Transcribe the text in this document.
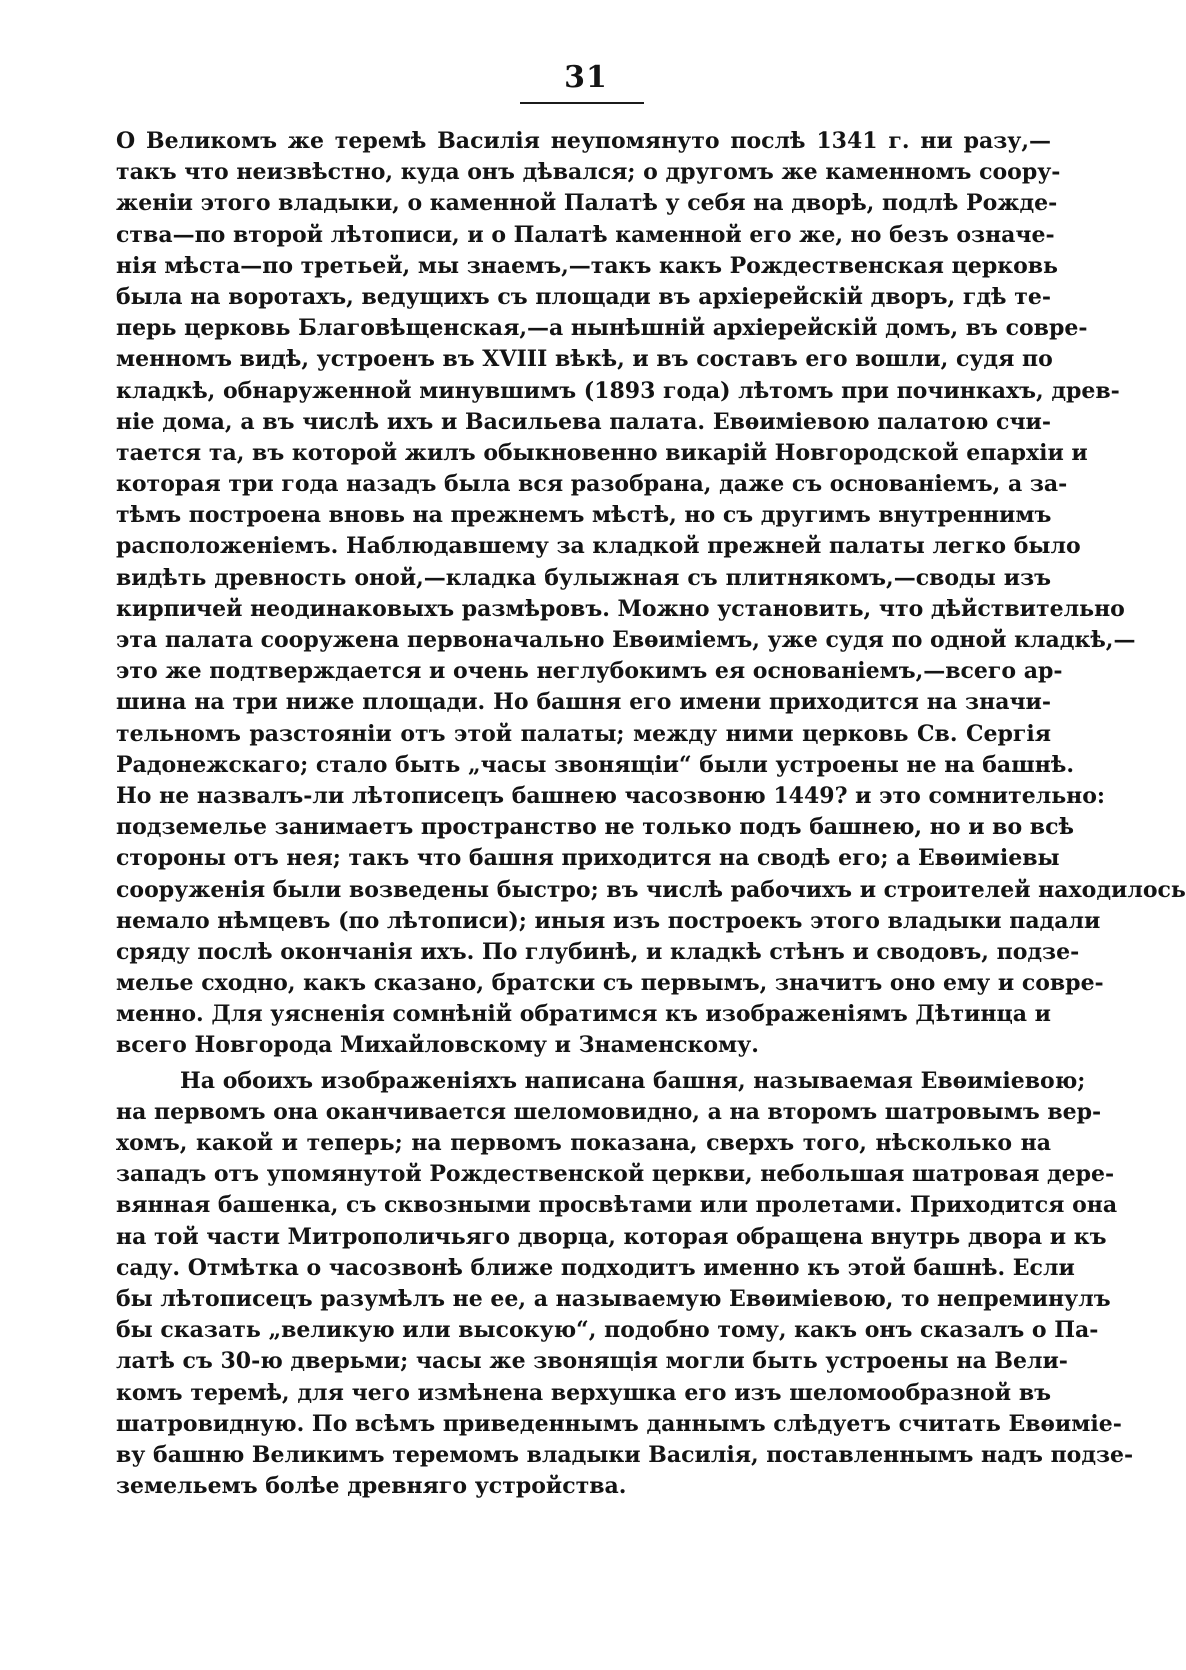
31
О Великомъ же теремѣ Василія неупомянуто послѣ 1341 г. ни разу,—
такъ что неизвѣстно, куда онъ дѣвался; о другомъ же каменномъ соору-
женіи этого владыки, о каменной Палатѣ у себя на дворѣ, подлѣ Рожде-
ства—по второй лѣтописи, и о Палатѣ каменной его же, но безъ означе-
нія мѣста—по третьей, мы знаемъ,—такъ какъ Рождественская церковь
была на воротахъ, ведущихъ съ площади въ архіерейскій дворъ, гдѣ те-
перь церковь Благовѣщенская,—а нынѣшній архіерейскій домъ, въ совре-
менномъ видѣ, устроенъ въ XVIII вѣкѣ, и въ составъ его вошли, судя по
кладкѣ, обнаруженной минувшимъ (1893 года) лѣтомъ при починкахъ, древ-
ніе дома, а въ числѣ ихъ и Васильева палата. Евѳиміевою палатою счи-
тается та, въ которой жилъ обыкновенно викарій Новгородской епархіи и
которая три года назадъ была вся разобрана, даже съ основаніемъ, а за-
тѣмъ построена вновь на прежнемъ мѣстѣ, но съ другимъ внутреннимъ
расположеніемъ. Наблюдавшему за кладкой прежней палаты легко было
видѣть древность оной,—кладка булыжная съ плитнякомъ,—своды изъ
кирпичей неодинаковыхъ размѣровъ. Можно установить, что дѣйствительно
эта палата сооружена первоначально Евѳиміемъ, уже судя по одной кладкѣ,—
это же подтверждается и очень неглубокимъ ея основаніемъ,—всего ар-
шина на три ниже площади. Но башня его имени приходится на значи-
тельномъ разстояніи отъ этой палаты; между ними церковь Св. Сергія
Радонежскаго; стало быть „часы звонящіи“ были устроены не на башнѣ.
Но не назвалъ-ли лѣтописецъ башнею часозвоню 1449? и это сомнительно:
подземелье занимаетъ пространство не только подъ башнею, но и во всѣ
стороны отъ нея; такъ что башня приходится на сводѣ его; а Евѳиміевы
сооруженія были возведены быстро; въ числѣ рабочихъ и строителей находилось
немало нѣмцевъ (по лѣтописи); иныя изъ построекъ этого владыки падали
сряду послѣ окончанія ихъ. По глубинѣ, и кладкѣ стѣнъ и сводовъ, подзе-
мелье сходно, какъ сказано, братски съ первымъ, значитъ оно ему и совре-
менно. Для уясненія сомнѣній обратимся къ изображеніямъ Дѣтинца и
всего Новгорода Михайловскому и Знаменскому.
На обоихъ изображеніяхъ написана башня, называемая Евѳиміевою;
на первомъ она оканчивается шеломовидно, а на второмъ шатровымъ вер-
хомъ, какой и теперь; на первомъ показана, сверхъ того, нѣсколько на
западъ отъ упомянутой Рождественской церкви, небольшая шатровая дере-
вянная башенка, съ сквозными просвѣтами или пролетами. Приходится она
на той части Митрополичьяго дворца, которая обращена внутрь двора и къ
саду. Отмѣтка о часозвонѣ ближе подходитъ именно къ этой башнѣ. Если
бы лѣтописецъ разумѣлъ не ее, а называемую Евѳиміевою, то непреминулъ
бы сказать „великую или высокую“, подобно тому, какъ онъ сказалъ о Па-
латѣ съ 30-ю дверьми; часы же звонящія могли быть устроены на Вели-
комъ теремѣ, для чего измѣнена верхушка его изъ шеломообразной въ
шатровидную. По всѣмъ приведеннымъ даннымъ слѣдуетъ считать Евѳиміе-
ву башню Великимъ теремомъ владыки Василія, поставленнымъ надъ подзе-
земельемъ болѣе древняго устройства.
